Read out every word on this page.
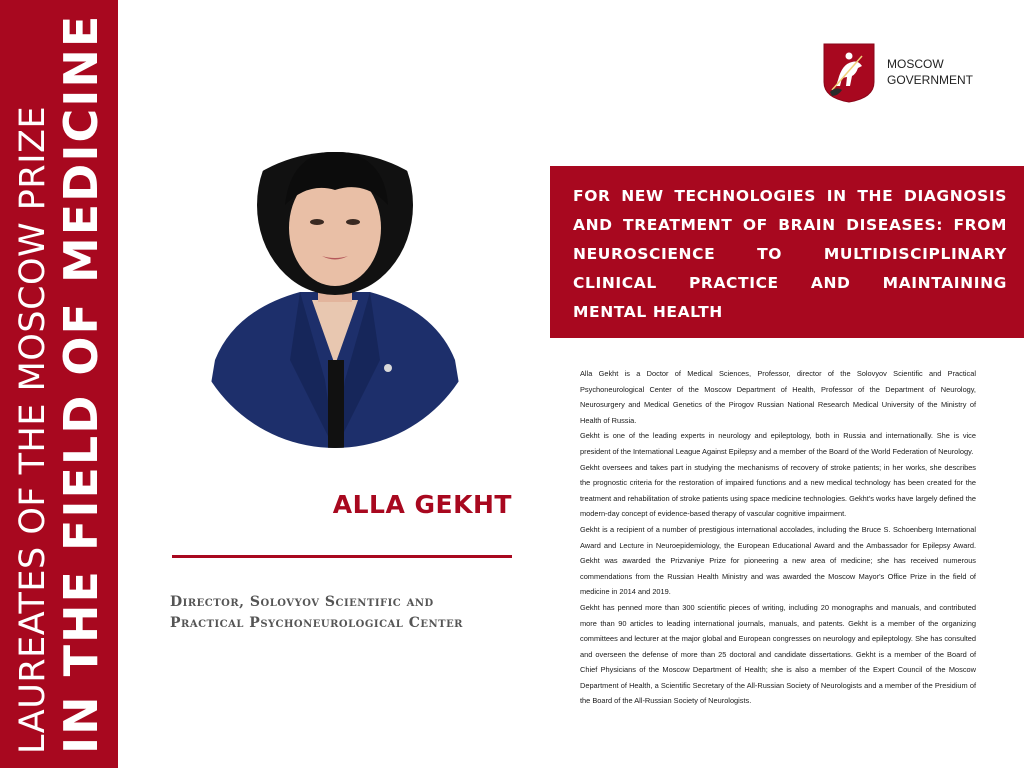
LAUREATES OF THE MOSCOW PRIZE IN THE FIELD OF MEDICINE	ALLA GEKHT
Director, Solovyov Scientific and Practical Psychoneurological Center
MOSCOW
GOVERNMENT
FOR NEW TECHNOLOGIES IN THE DIAGNOSIS AND TREATMENT OF BRAIN DISEASES: FROM NEUROSCIENCE TO MULTIDISCIPLINARY CLINICAL PRACTICE AND MAINTAINING MENTAL HEALTH

Alla Gekht is a Doctor of Medical Sciences, Professor, director of the Solovyov Scientific and Practical Psychoneurological Center of the Moscow Department of Health, Professor of the Department of Neurology, Neurosurgery and Medical Genetics of the Pirogov Russian National Research Medical University of the Ministry of Health of Russia.

Gekht is one of the leading experts in neurology and epileptology, both in Russia and internationally. She is vice president of the International League Against Epilepsy and a member of the Board of the World Federation of Neurology.

Gekht oversees and takes part in studying the mechanisms of recovery of stroke patients; in her works, she describes the prognostic criteria for the restoration of impaired functions and a new medical technology has been created for the treatment and rehabilitation of stroke patients using space medicine technologies. Gekht's works have largely defined the modern-day concept of evidence-based therapy of vascular cognitive impairment.

Gekht is a recipient of a number of prestigious international accolades, including the Bruce S. Schoenberg International Award and Lecture in Neuroepidemiology, the European Educational Award and the Ambassador for Epilepsy Award. Gekht was awarded the Prizvaniye Prize for pioneering a new area of medicine; she has received numerous commendations from the Russian Health Ministry and was awarded the Moscow Mayor's Office Prize in the field of medicine in 2014 and 2019.

Gekht has penned more than 300 scientific pieces of writing, including 20 monographs and manuals, and contributed more than 90 articles to leading international journals, manuals, and patents. Gekht is a member of the organizing committees and lecturer at the major global and European congresses on neurology and epileptology. She has consulted and overseen the defense of more than 25 doctoral and candidate dissertations. Gekht is a member of the Board of Chief Physicians of the Moscow Department of Health; she is also a member of the Expert Council of the Moscow Department of Health, a Scientific Secretary of the All-Russian Society of Neurologists and a member of the Presidium of the Board of the All-Russian Society of Neurologists.
